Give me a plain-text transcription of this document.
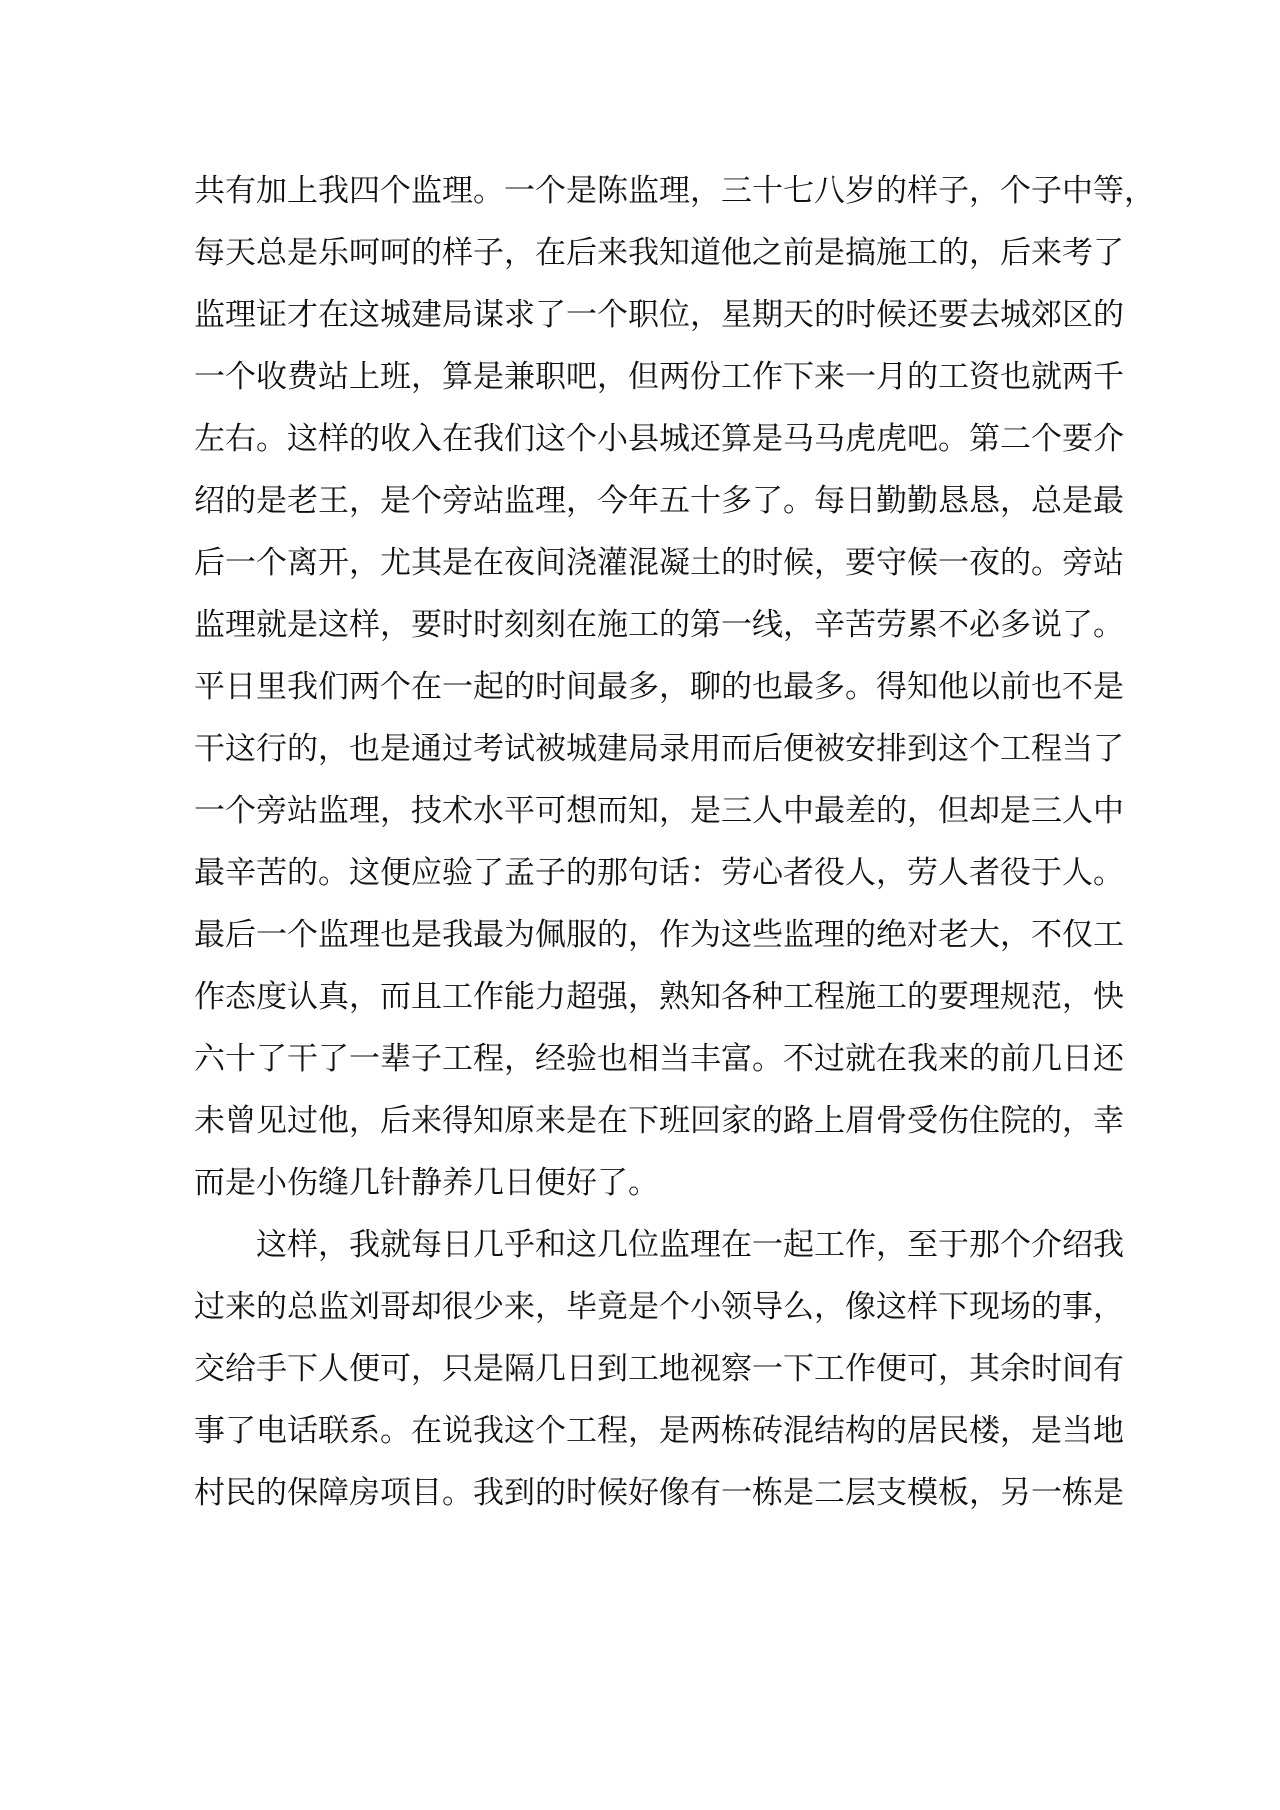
共有加上我四个监理。一个是陈监理，三十七八岁的样子，个子中等，
每天总是乐呵呵的样子，在后来我知道他之前是搞施工的，后来考了
监理证才在这城建局谋求了一个职位，星期天的时候还要去城郊区的
一个收费站上班，算是兼职吧，但两份工作下来一月的工资也就两千
左右。这样的收入在我们这个小县城还算是马马虎虎吧。第二个要介
绍的是老王，是个旁站监理，今年五十多了。每日勤勤恳恳，总是最
后一个离开，尤其是在夜间浇灌混凝土的时候，要守候一夜的。旁站
监理就是这样，要时时刻刻在施工的第一线，辛苦劳累不必多说了。
平日里我们两个在一起的时间最多，聊的也最多。得知他以前也不是
干这行的，也是通过考试被城建局录用而后便被安排到这个工程当了
一个旁站监理，技术水平可想而知，是三人中最差的，但却是三人中
最辛苦的。这便应验了孟子的那句话：劳心者役人，劳人者役于人。
最后一个监理也是我最为佩服的，作为这些监理的绝对老大，不仅工
作态度认真，而且工作能力超强，熟知各种工程施工的要理规范，快
六十了干了一辈子工程，经验也相当丰富。不过就在我来的前几日还
未曾见过他，后来得知原来是在下班回家的路上眉骨受伤住院的，幸
而是小伤缝几针静养几日便好了。
这样，我就每日几乎和这几位监理在一起工作，至于那个介绍我
过来的总监刘哥却很少来，毕竟是个小领导么，像这样下现场的事，
交给手下人便可，只是隔几日到工地视察一下工作便可，其余时间有
事了电话联系。在说我这个工程，是两栋砖混结构的居民楼，是当地
村民的保障房项目。我到的时候好像有一栋是二层支模板，另一栋是
